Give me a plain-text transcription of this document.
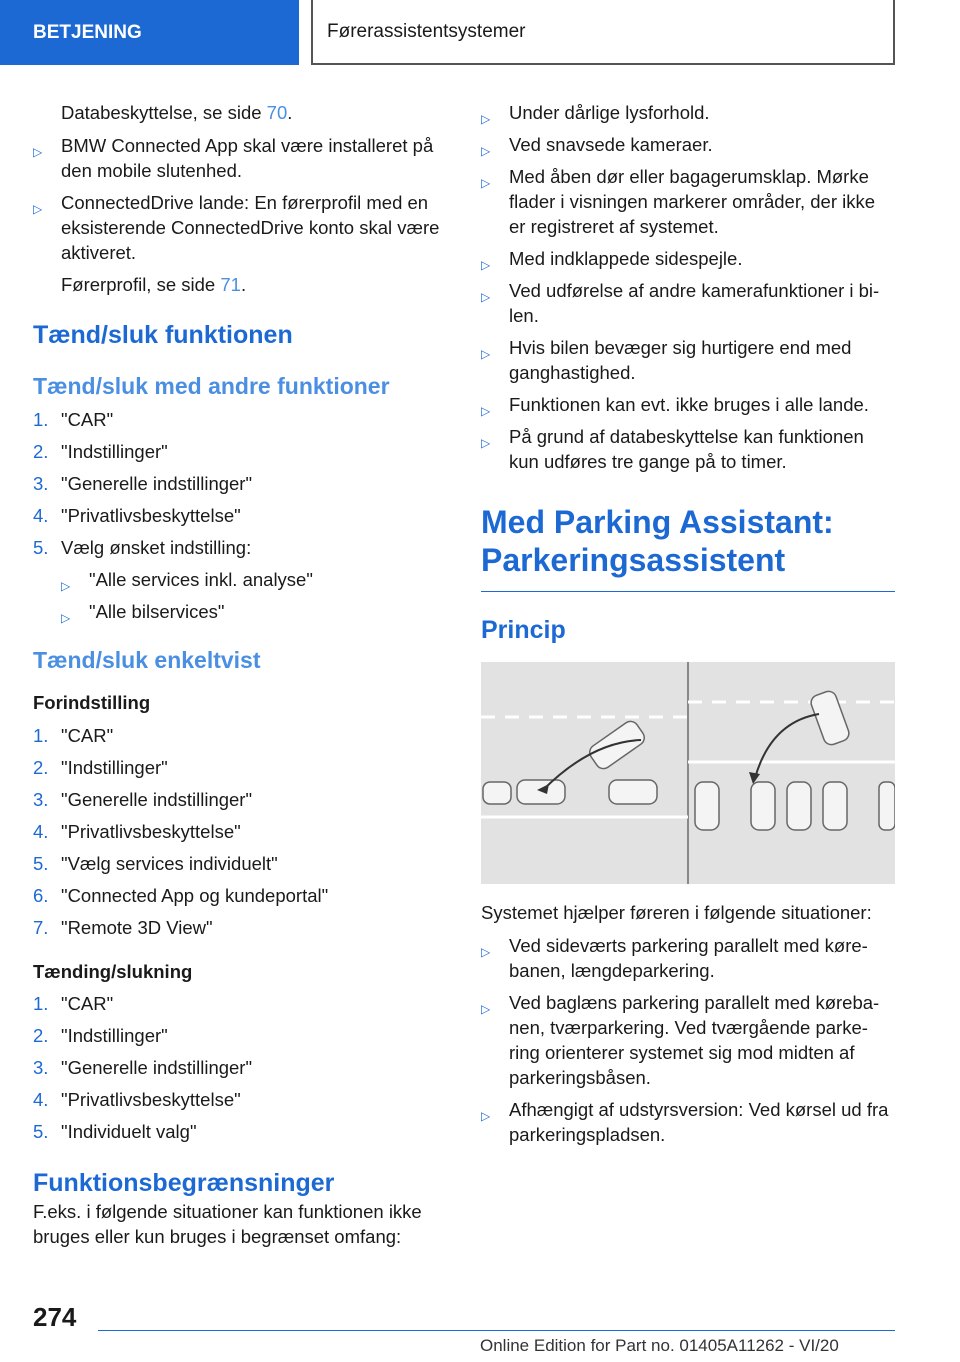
BETJENING	Førerassistentsystemer

Databeskyttelse, se side 70.

▷ BMW Connected App skal være installeret på den mobile slutenhed.
▷ ConnectedDrive lande: En førerprofil med en eksisterende ConnectedDrive konto skal være aktiveret.

Førerprofil, se side 71.

Tænd/sluk funktionen
Tænd/sluk med andre funktioner
1. "CAR"
2. "Indstillinger"
3. "Generelle indstillinger"
4. "Privatlivsbeskyttelse"
5. Vælg ønsket indstilling:
▷ "Alle services inkl. analyse"
▷ "Alle bilservices"
Tænd/sluk enkeltvist
Forindstilling
1. "CAR"
2. "Indstillinger"
3. "Generelle indstillinger"
4. "Privatlivsbeskyttelse"
5. "Vælg services individuelt"
6. "Connected App og kundeportal"
7. "Remote 3D View"
Tænding/slukning
1. "CAR"
2. "Indstillinger"
3. "Generelle indstillinger"
4. "Privatlivsbeskyttelse"
5. "Individuelt valg"
Funktionsbegrænsninger

F.eks. i følgende situationer kan funktionen ikke bruges eller kun bruges i begrænset omfang:

▷ Under dårlige lysforhold.
▷ Ved snavsede kameraer.
▷ Med åben dør eller bagagerumsklap. Mørke flader i visningen markerer områder, der ikke er registreret af systemet.
▷ Med indklappede sidespejle.
▷ Ved udførelse af andre kamerafunktioner i bi-len.
▷ Hvis bilen bevæger sig hurtigere end med ganghastighed.
▷ Funktionen kan evt. ikke bruges i alle lande.
▷ På grund af databeskyttelse kan funktionen kun udføres tre gange på to timer.
Med Parking Assistant:
Parkeringsassistent
Princip

Systemet hjælper føreren i følgende situationer:

▷ Ved sideværts parkering parallelt med køre-banen, længdeparkering.
▷ Ved baglæns parkering parallelt med køreba-nen, tværparkering. Ved tværgående parke-ring orienterer systemet sig mod midten af parkeringsbåsen.
▷ Afhængigt af udstyrsversion: Ved kørsel ud fra parkeringspladsen.
274
Online Edition for Part no. 01405A11262 - VI/20
